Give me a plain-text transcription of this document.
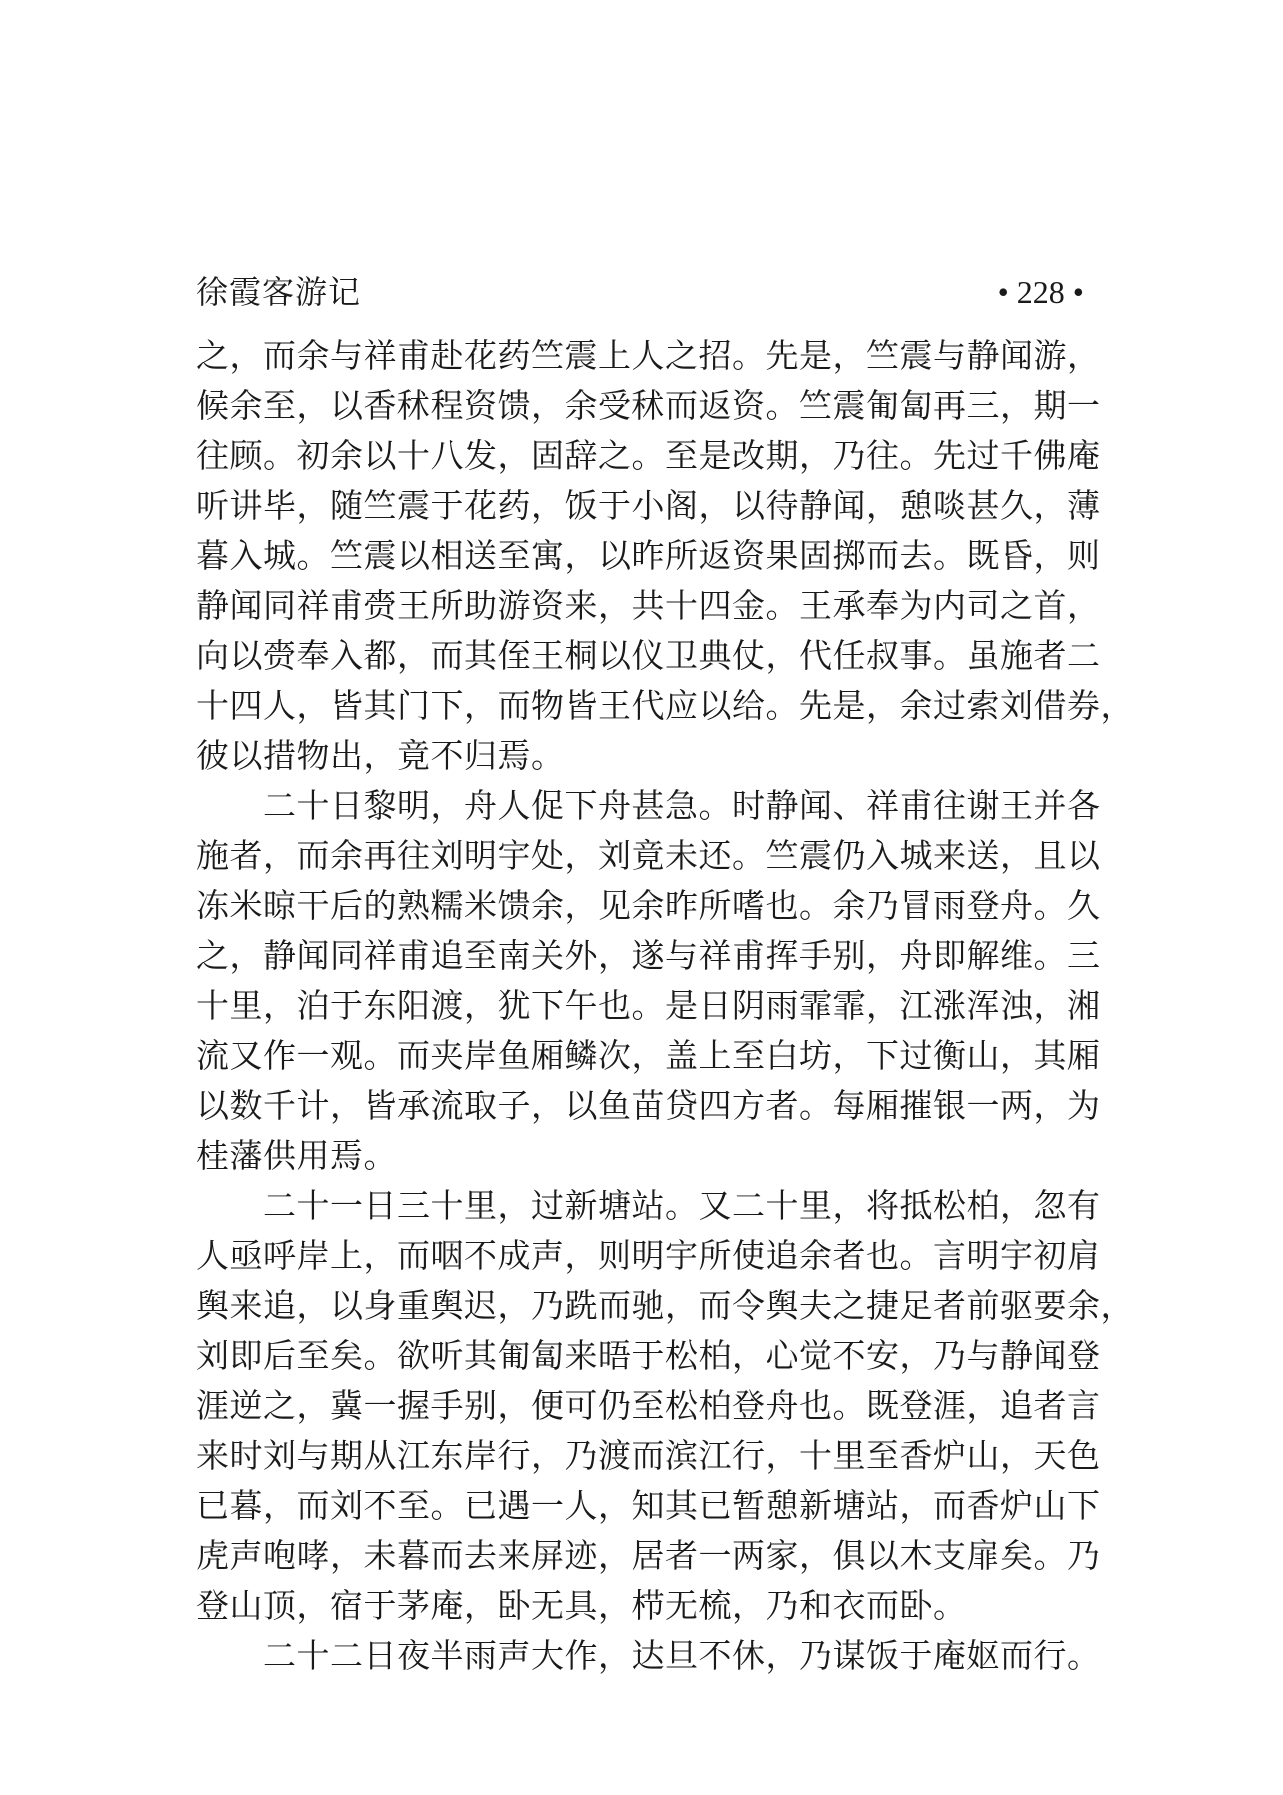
徐霞客游记	• 228 •
之，而余与祥甫赴花药竺震上人之招。先是，竺震与静闻游，
候余至，以香秫程资馈，余受秫而返资。竺震匍匐再三，期一
往顾。初余以十八发，固辞之。至是改期，乃往。先过千佛庵
听讲毕，随竺震于花药，饭于小阁，以待静闻，憩啖甚久，薄
暮入城。竺震以相送至寓，以昨所返资果固掷而去。既昏，则
静闻同祥甫赍王所助游资来，共十四金。王承奉为内司之首，
向以赍奉入都，而其侄王桐以仪卫典仗，代任叔事。虽施者二
十四人，皆其门下，而物皆王代应以给。先是，余过索刘借券，
彼以措物出，竟不归焉。
　　二十日黎明，舟人促下舟甚急。时静闻、祥甫往谢王并各
施者，而余再往刘明宇处，刘竟未还。竺震仍入城来送，且以
冻米晾干后的熟糯米馈余，见余昨所嗜也。余乃冒雨登舟。久
之，静闻同祥甫追至南关外，遂与祥甫挥手别，舟即解维。三
十里，泊于东阳渡，犹下午也。是日阴雨霏霏，江涨浑浊，湘
流又作一观。而夹岸鱼厢鳞次，盖上至白坊，下过衡山，其厢
以数千计，皆承流取子，以鱼苗贷四方者。每厢摧银一两，为
桂藩供用焉。
　　二十一日三十里，过新塘站。又二十里，将抵松柏，忽有
人亟呼岸上，而咽不成声，则明宇所使追余者也。言明宇初肩
舆来追，以身重舆迟，乃跣而驰，而令舆夫之捷足者前驱要余，
刘即后至矣。欲听其匍匐来晤于松柏，心觉不安，乃与静闻登
涯逆之，冀一握手别，便可仍至松柏登舟也。既登涯，追者言
来时刘与期从江东岸行，乃渡而滨江行，十里至香炉山，天色
已暮，而刘不至。已遇一人，知其已暂憩新塘站，而香炉山下
虎声咆哮，未暮而去来屏迹，居者一两家，俱以木支扉矣。乃
登山顶，宿于茅庵，卧无具，栉无梳，乃和衣而卧。
　　二十二日夜半雨声大作，达旦不休，乃谋饭于庵妪而行。
